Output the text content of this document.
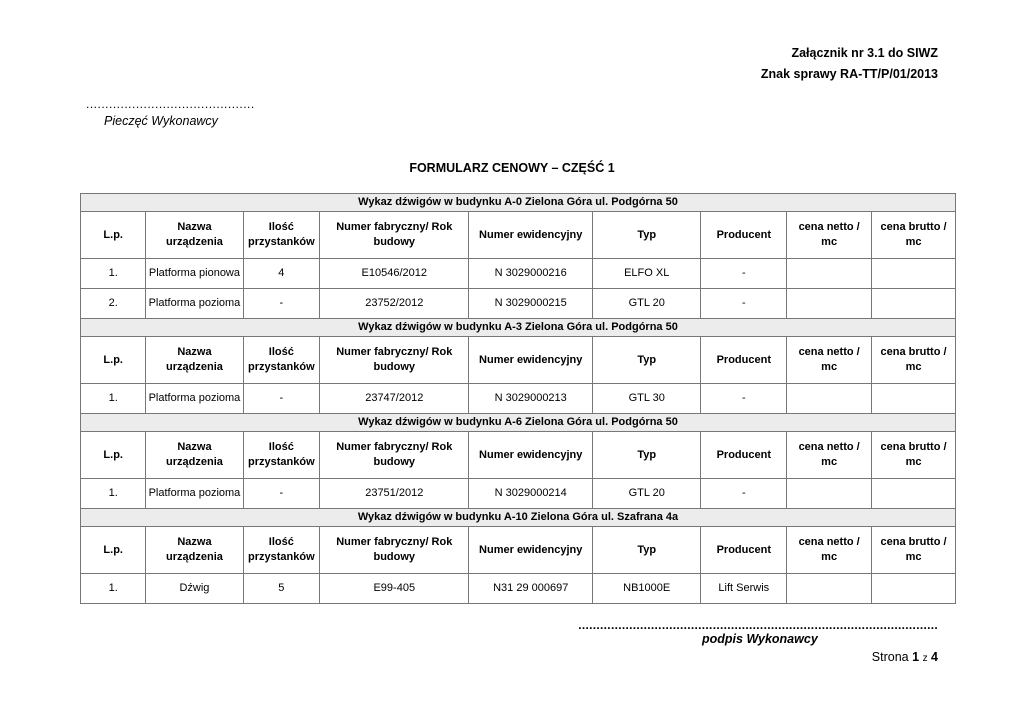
Załącznik nr 3.1 do SIWZ
Znak sprawy RA-TT/P/01/2013
............................................
Pieczęć Wykonawcy
FORMULARZ CENOWY – CZĘŚĆ 1
Wykaz dźwigów w budynku A-0 Zielona Góra ul. Podgórna 50								
L.p.	Nazwa urządzenia	Ilość przystanków	Numer fabryczny/ Rok budowy	Numer ewidencyjny	Typ	Producent	cena netto / mc	cena brutto / mc
1.	Platforma pionowa	4	E10546/2012	N 3029000216	ELFO XL	-		
2.	Platforma pozioma	-	23752/2012	N 3029000215	GTL 20	-		
Wykaz dźwigów w budynku A-3 Zielona Góra ul. Podgórna 50								
L.p.	Nazwa urządzenia	Ilość przystanków	Numer fabryczny/ Rok budowy	Numer ewidencyjny	Typ	Producent	cena netto / mc	cena brutto / mc
1.	Platforma pozioma	-	23747/2012	N 3029000213	GTL 30	-		
Wykaz dźwigów w budynku A-6 Zielona Góra ul. Podgórna 50								
L.p.	Nazwa urządzenia	Ilość przystanków	Numer fabryczny/ Rok budowy	Numer ewidencyjny	Typ	Producent	cena netto / mc	cena brutto / mc
1.	Platforma pozioma	-	23751/2012	N 3029000214	GTL 20	-		
Wykaz dźwigów w budynku A-10 Zielona Góra ul. Szafrana 4a								
L.p.	Nazwa urządzenia	Ilość przystanków	Numer fabryczny/ Rok budowy	Numer ewidencyjny	Typ	Producent	cena netto / mc	cena brutto / mc
1.	Dźwig	5	E99-405	N31 29 000697	NB1000E	Lift Serwis		
...................................................................................................
podpis Wykonawcy
Strona 1 z 4
